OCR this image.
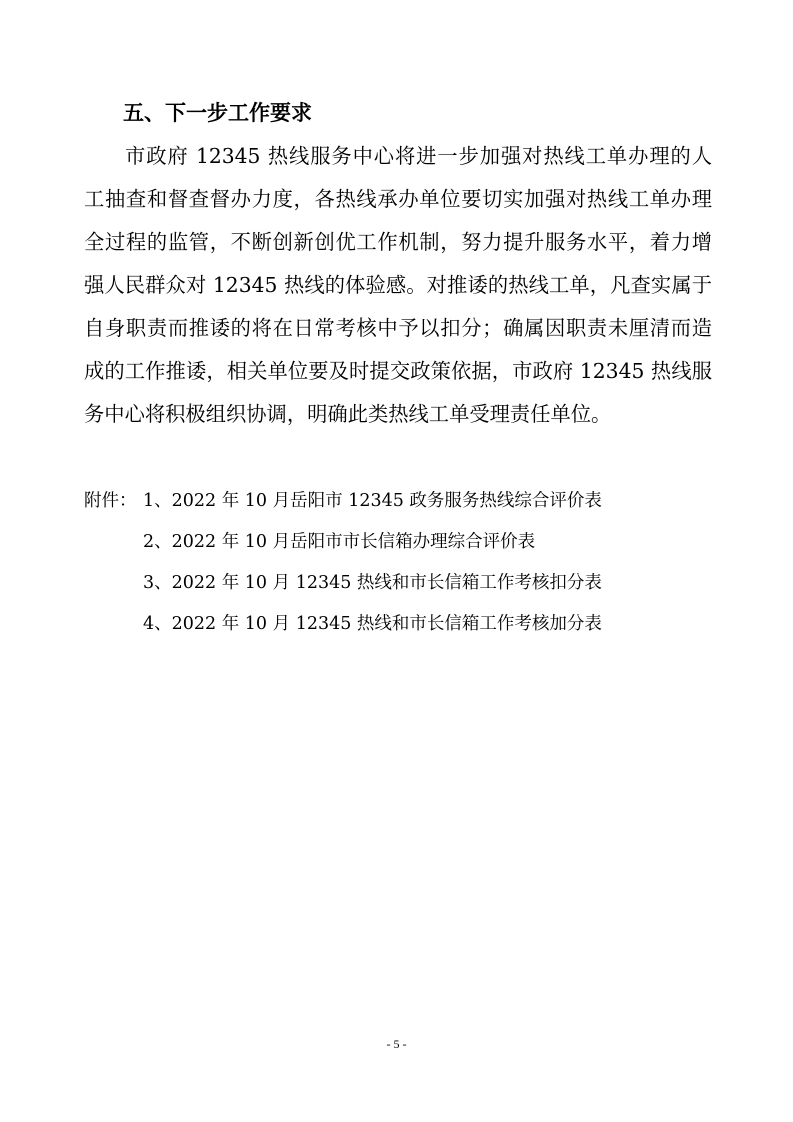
五、下一步工作要求
市政府 12345 热线服务中心将进一步加强对热线工单办理的人
工抽查和督查督办力度，各热线承办单位要切实加强对热线工单办理
全过程的监管，不断创新创优工作机制，努力提升服务水平，着力增
强人民群众对 12345 热线的体验感。对推诿的热线工单，凡查实属于
自身职责而推诿的将在日常考核中予以扣分；确属因职责未厘清而造
成的工作推诿，相关单位要及时提交政策依据，市政府 12345 热线服
务中心将积极组织协调，明确此类热线工单受理责任单位。
附件： 1、2022 年 10 月岳阳市 12345 政务服务热线综合评价表
2、2022 年 10 月岳阳市市长信箱办理综合评价表
3、2022 年 10 月 12345 热线和市长信箱工作考核扣分表
4、2022 年 10 月 12345 热线和市长信箱工作考核加分表
- 5 -
